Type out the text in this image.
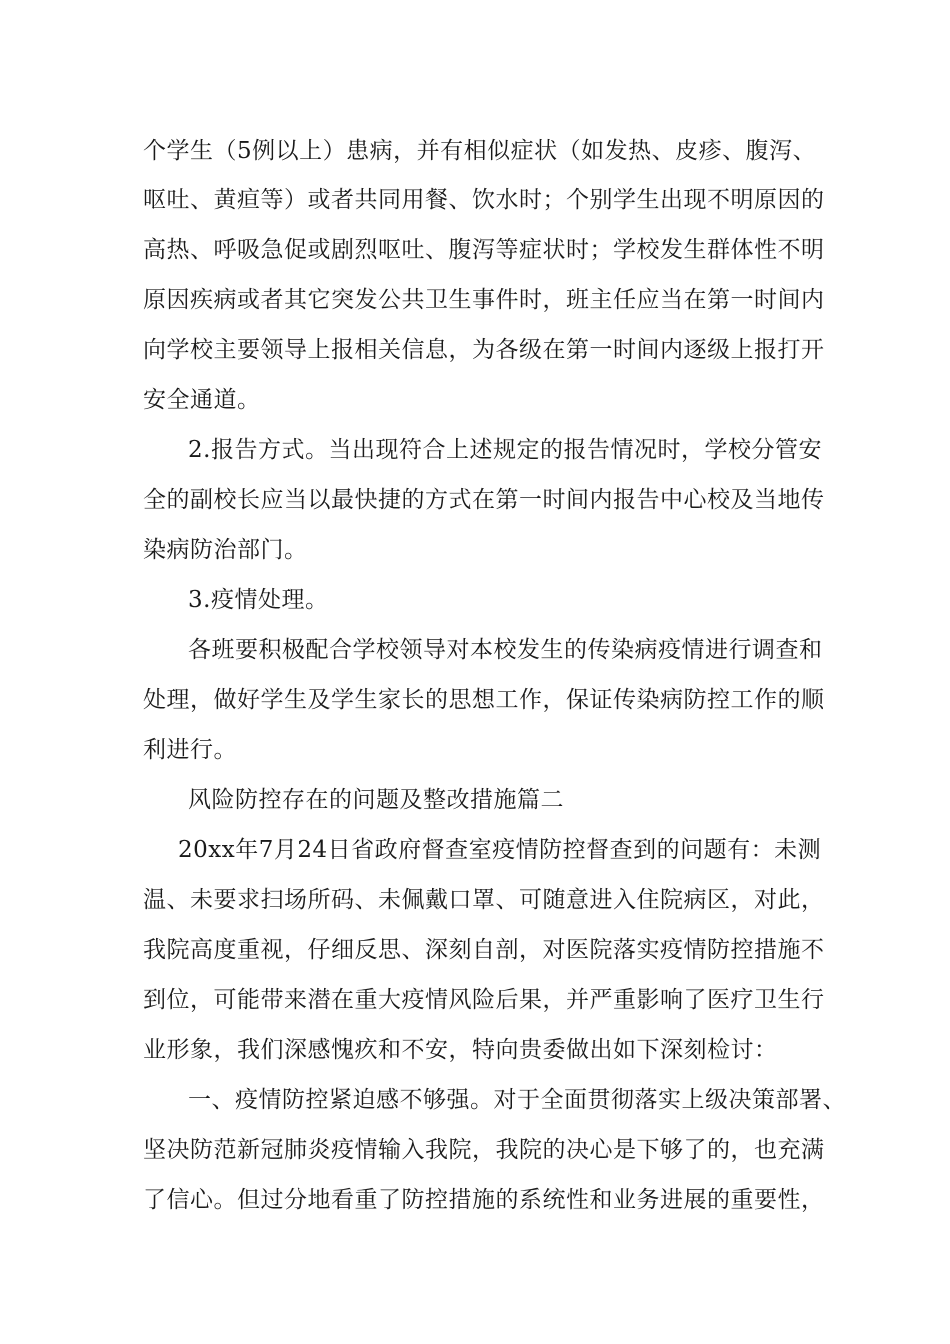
个学生（5例以上）患病，并有相似症状（如发热、皮疹、腹泻、
呕吐、黄疸等）或者共同用餐、饮水时；个别学生出现不明原因的
高热、呼吸急促或剧烈呕吐、腹泻等症状时；学校发生群体性不明
原因疾病或者其它突发公共卫生事件时，班主任应当在第一时间内
向学校主要领导上报相关信息，为各级在第一时间内逐级上报打开
安全通道。
2.报告方式。当出现符合上述规定的报告情况时，学校分管安
全的副校长应当以最快捷的方式在第一时间内报告中心校及当地传
染病防治部门。
3.疫情处理。
各班要积极配合学校领导对本校发生的传染病疫情进行调查和
处理，做好学生及学生家长的思想工作，保证传染病防控工作的顺
利进行。
风险防控存在的问题及整改措施篇二
20xx年7月24日省政府督查室疫情防控督查到的问题有：未测
温、未要求扫场所码、未佩戴口罩、可随意进入住院病区，对此，
我院高度重视，仔细反思、深刻自剖，对医院落实疫情防控措施不
到位，可能带来潜在重大疫情风险后果，并严重影响了医疗卫生行
业形象，我们深感愧疚和不安，特向贵委做出如下深刻检讨：
一、疫情防控紧迫感不够强。对于全面贯彻落实上级决策部署、
坚决防范新冠肺炎疫情输入我院，我院的决心是下够了的，也充满
了信心。但过分地看重了防控措施的系统性和业务进展的重要性，
